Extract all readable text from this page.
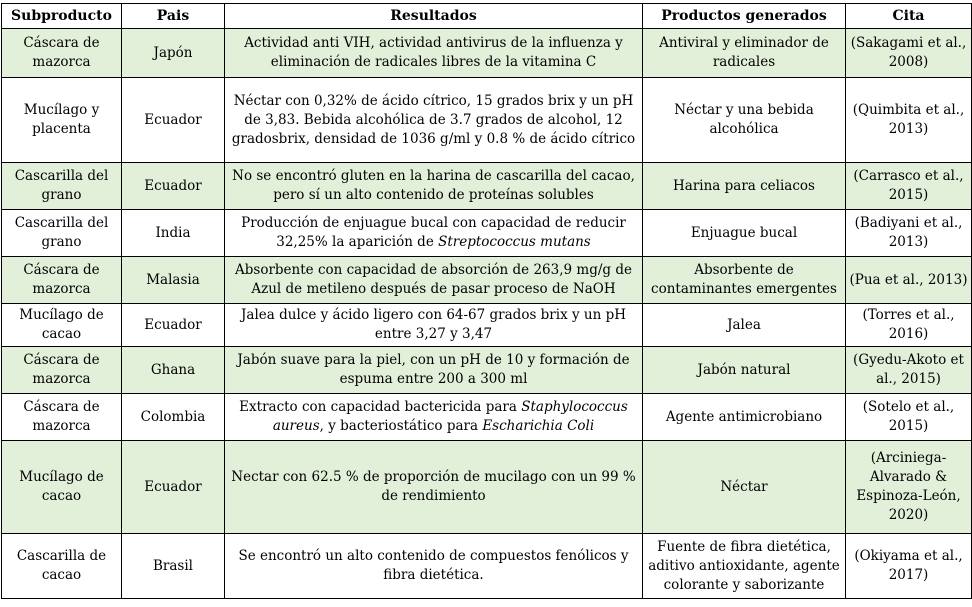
Subproducto	Pais	Resultados	Productos generados	Cita
Cáscara de mazorca	Japón	Actividad anti VIH, actividad antivirus de la influenza y eliminación de radicales libres de la vitamina C	Antiviral y eliminador de radicales	(Sakagami et al., 2008)
Mucílago y placenta	Ecuador	Néctar con 0,32% de ácido cítrico, 15 grados brix y un pH de 3,83. Bebida alcohólica de 3.7 grados de alcohol, 12 gradosbrix, densidad de 1036 g/ml y 0.8 % de ácido cítrico	Néctar y una bebida alcohólica	(Quimbita et al., 2013)
Cascarilla del grano	Ecuador	No se encontró gluten en la harina de cascarilla del cacao, pero sí un alto contenido de proteínas solubles	Harina para celiacos	(Carrasco et al., 2015)
Cascarilla del grano	India	Producción de enjuague bucal con capacidad de reducir 32,25% la aparición de Streptococcus mutans	Enjuague bucal	(Badiyani et al., 2013)
Cáscara de mazorca	Malasia	Absorbente con capacidad de absorción de 263,9 mg/g de Azul de metileno después de pasar proceso de NaOH	Absorbente de contaminantes emergentes	(Pua et al., 2013)
Mucílago de cacao	Ecuador	Jalea dulce y ácido ligero con 64-67 grados brix y un pH entre 3,27 y 3,47	Jalea	(Torres et al., 2016)
Cáscara de mazorca	Ghana	Jabón suave para la piel, con un pH de 10 y formación de espuma entre 200 a 300 ml	Jabón natural	(Gyedu-Akoto et al., 2015)
Cáscara de mazorca	Colombia	Extracto con capacidad bactericida para Staphylococcus aureus, y bacteriostático para Escharichia Coli	Agente antimicrobiano	(Sotelo et al., 2015)
Mucílago de cacao	Ecuador	Nectar con 62.5 % de proporción de mucilago con un 99 % de rendimiento	Néctar	(Arciniega-Alvarado & Espinoza-León, 2020)
Cascarilla de cacao	Brasil	Se encontró un alto contenido de compuestos fenólicos y fibra dietética.	Fuente de fibra dietética, aditivo antioxidante, agente colorante y saborizante	(Okiyama et al., 2017)
